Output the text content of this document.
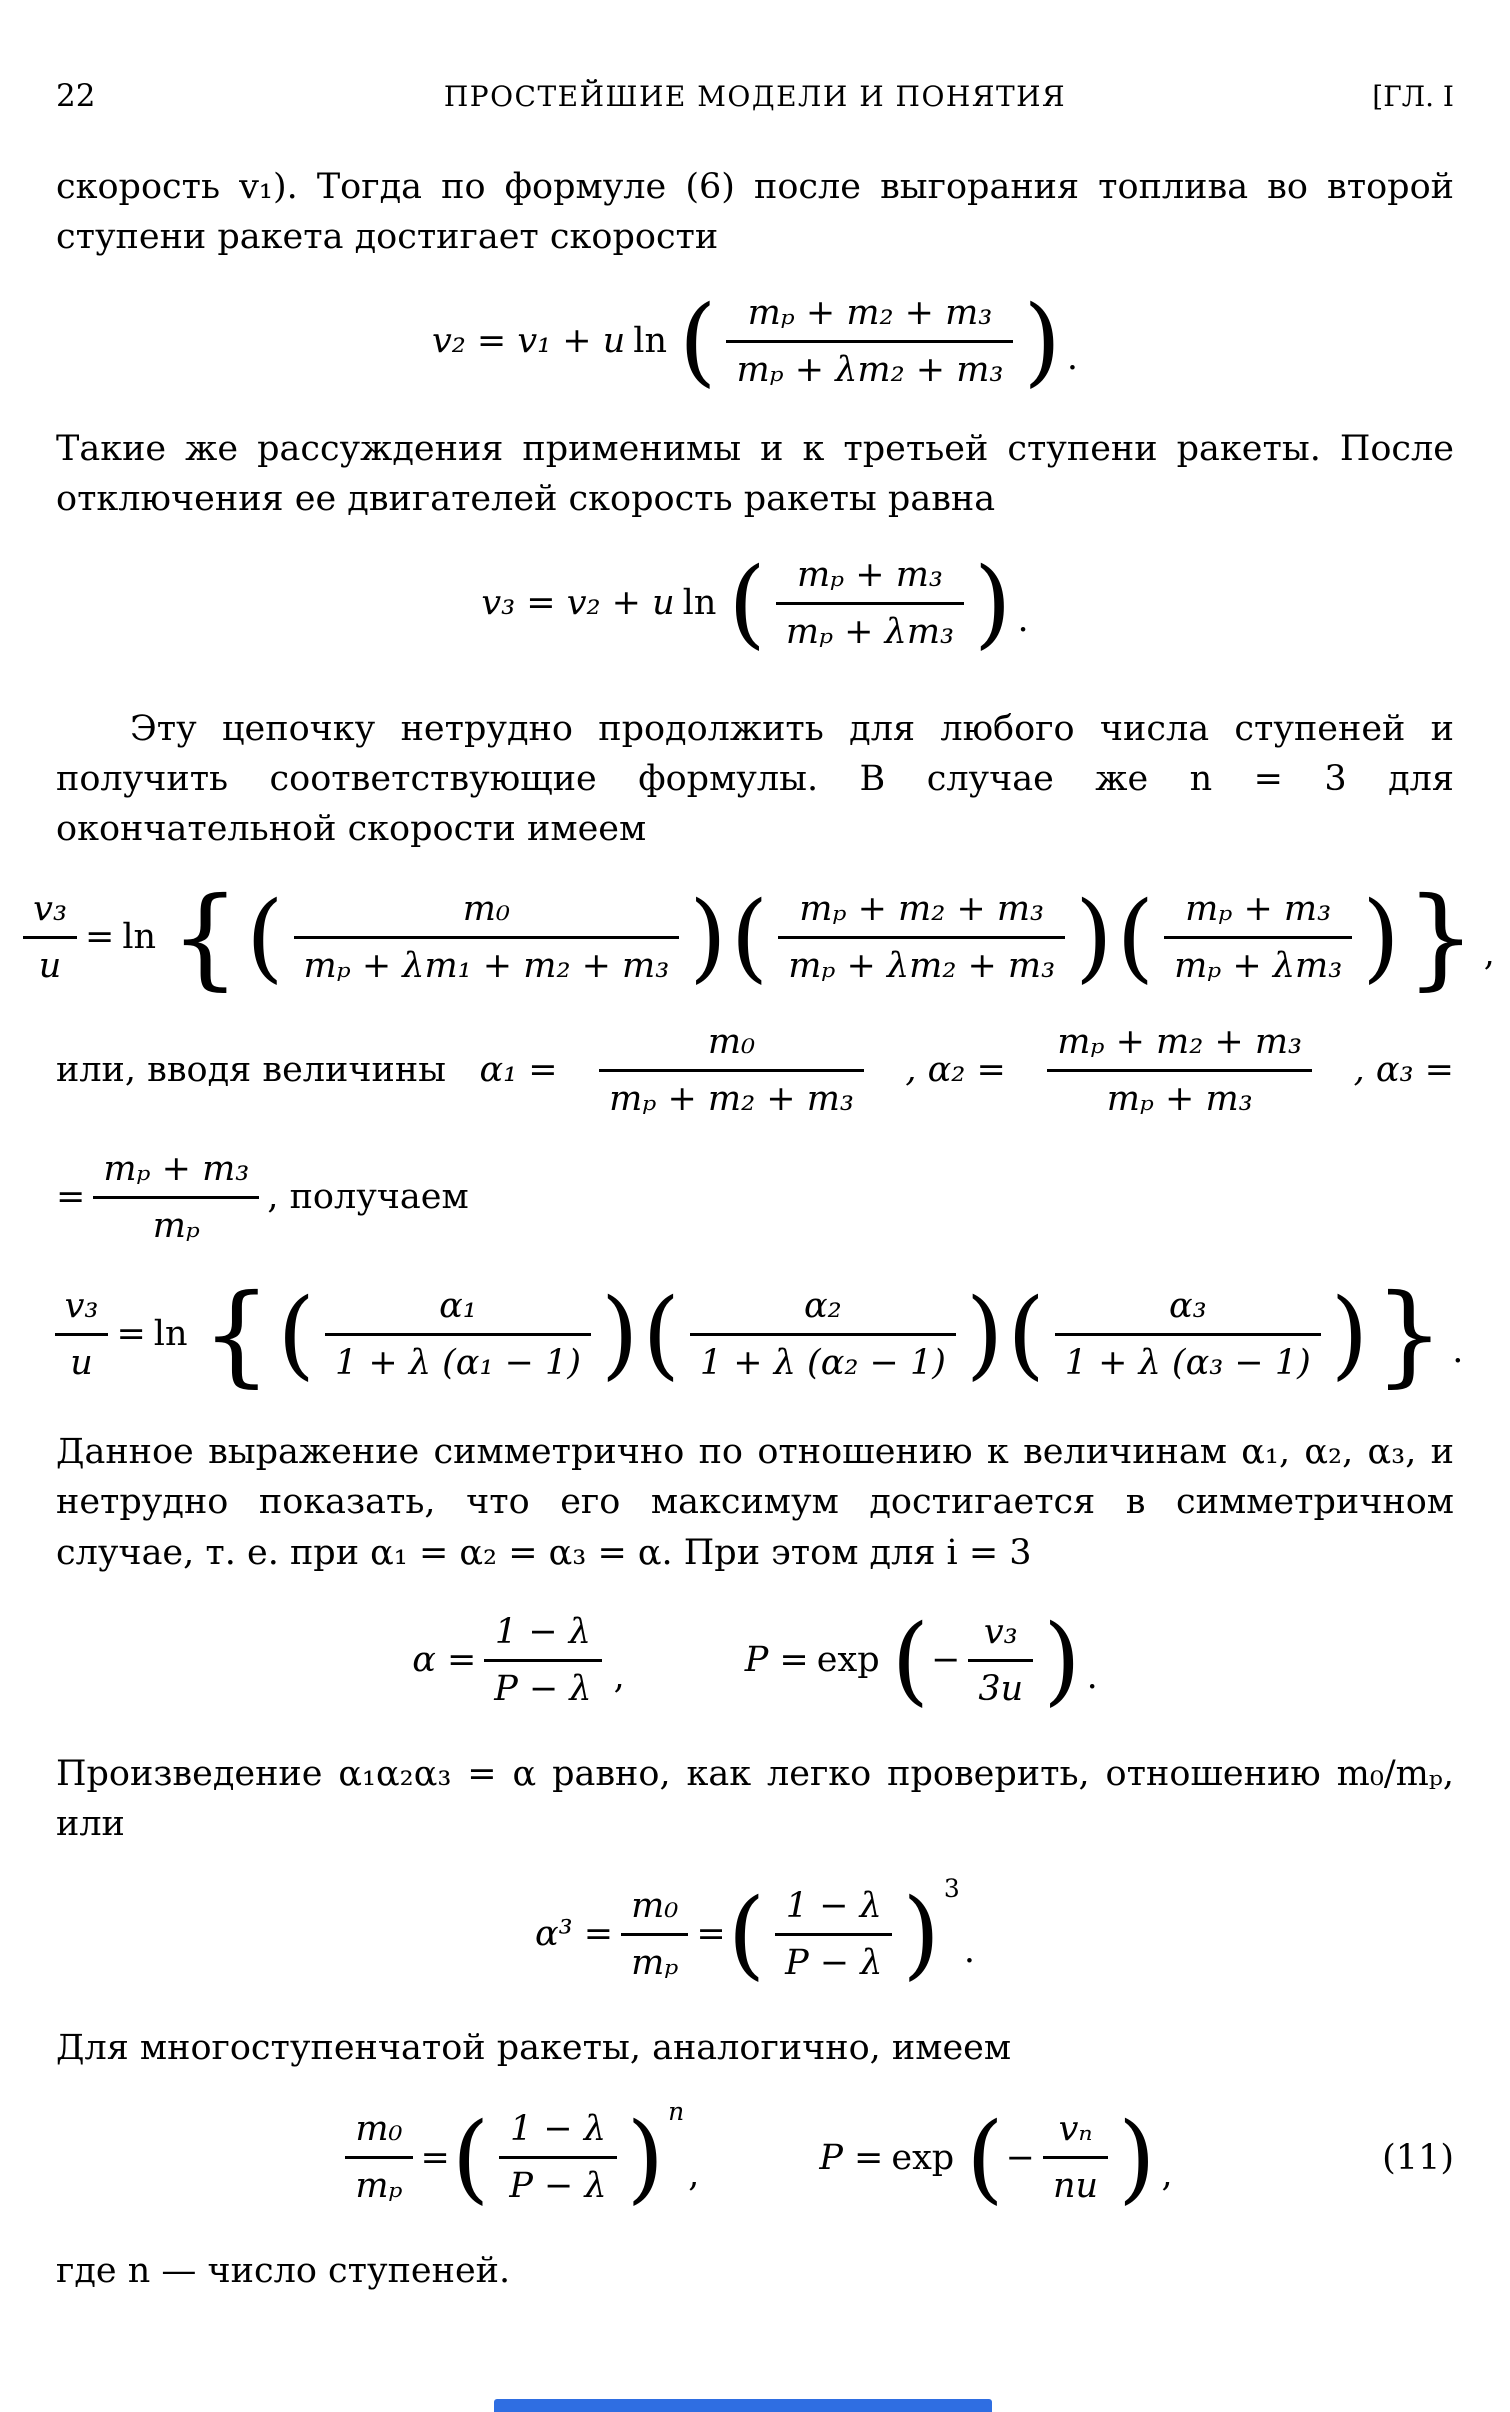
22	ПРОСТЕЙШИЕ МОДЕЛИ И ПОНЯТИЯ	[ГЛ. I

скорость v₁). Тогда по формуле (6) после выгорания топлива во второй ступени ракета достигает скорости

v₂ = v₁ + u ln ( $\frac{\text{mₚ + m₂ + m₃}}{\text{mₚ + λm₂ + m₃}}$ ) .

Такие же рассуждения применимы и к третьей ступени ракеты. После отключения ее двигателей скорость ракеты равна

v₃ = v₂ + u ln ( $\frac{\text{mₚ + m₃}}{\text{mₚ + λm₃}}$ ) .

Эту цепочку нетрудно продолжить для любого числа ступеней и получить соответствующие формулы. В случае же n = 3 для окончательной скорости имеем

$\frac{\text{v₃}}{u} = \ln$ { ( $\frac{\text{m₀}}{\text{mₚ + λm₁ + m₂ + m₃}}$ ) ( $\frac{\text{mₚ + m₂ + m₃}}{\text{mₚ + λm₂ + m₃}}$ ) ( $\frac{\text{mₚ + m₃}}{\text{mₚ + λm₃}}$ ) } ,
или, вводя величины $\alpha_1 = \frac{\text{m₀}}{\text{mₚ + m₂ + m₃}}$ , $\alpha_2 = \frac{\text{mₚ + m₂ + m₃}}{\text{mₚ + m₃}}$ , α₃ =
= $\frac{\text{mₚ + m₃}}{\text{mₚ}}$ , получаем
$\frac{\text{v₃}}{u} = \ln$ { ( $\frac{\text{α₁}}{\text{1 + λ (α₁ − 1)}}$ ) ( $\frac{\text{α₂}}{\text{1 + λ (α₂ − 1)}}$ ) ( $\frac{\text{α₃}}{\text{1 + λ (α₃ − 1)}}$ ) } .

Данное выражение симметрично по отношению к величинам α₁, α₂, α₃, и нетрудно показать, что его максимум достигается в симметричном случае, т. е. при α₁ = α₂ = α₃ = α. При этом для i = 3

$\alpha = \frac{1 - \lambda}{P - \lambda}$ ,	P = exp ( − $\frac{\text{v₃}}{3u}$ ) .

Произведение α₁α₂α₃ = α равно, как легко проверить, отношению m₀/mₚ, или

$\alpha^3 = \frac{\text{m₀}}{\text{mₚ}}$ = ( $\frac{1 - \lambda}{P - \lambda}$ ) 3
.

Для многоступенчатой ракеты, аналогично, имеем

$\frac{\text{m₀}}{\text{mₚ}}$ = ( $\frac{1 - \lambda}{P - \lambda}$ ) n
,	P = exp ( − $\frac{\text{vₙ}}{nu}$ ) ,	(11)

где n — число ступеней.
